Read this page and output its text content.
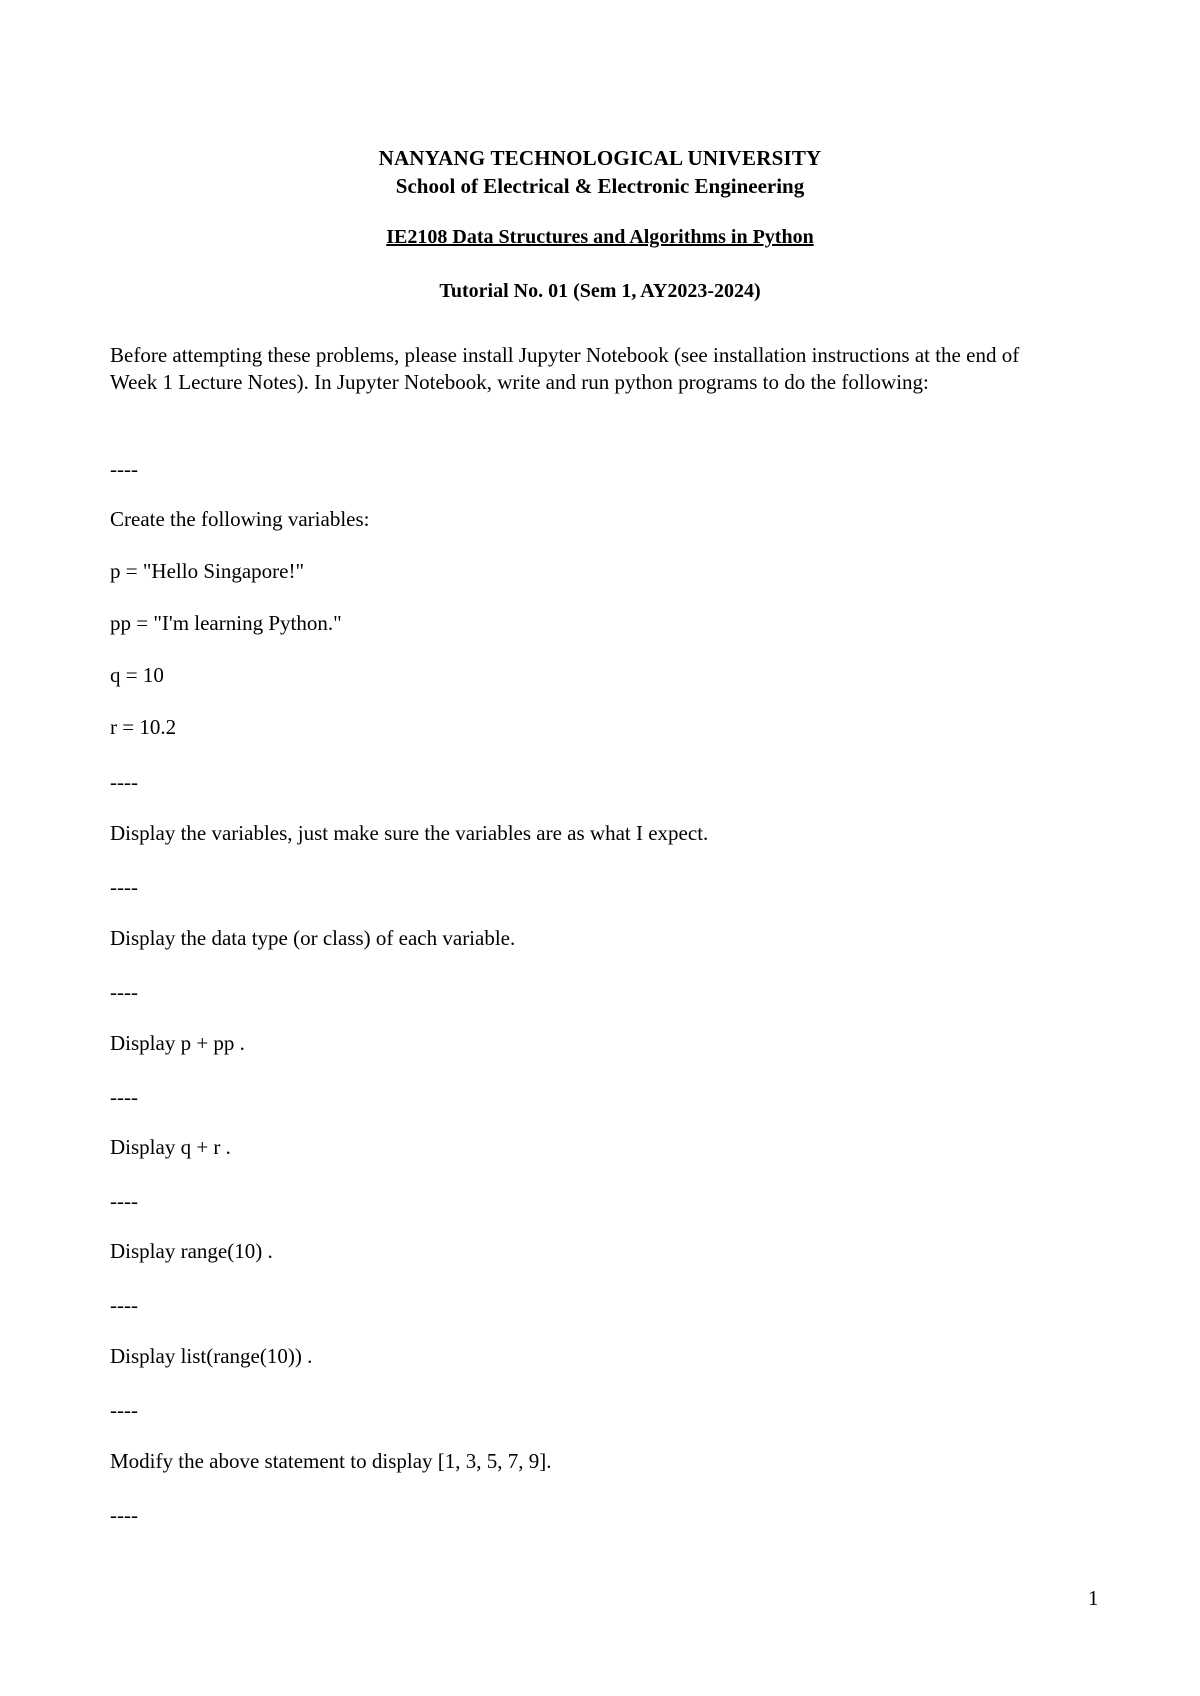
NANYANG TECHNOLOGICAL UNIVERSITY
School of Electrical & Electronic Engineering
IE2108 Data Structures and Algorithms in Python
Tutorial No. 01 (Sem 1, AY2023-2024)
Before attempting these problems, please install Jupyter Notebook (see installation instructions at the end of Week 1 Lecture Notes). In Jupyter Notebook, write and run python programs to do the following:
----
Create the following variables:
p = "Hello Singapore!"
pp = "I'm learning Python."
q = 10
r = 10.2
----
Display the variables, just make sure the variables are as what I expect.
----
Display the data type (or class) of each variable.
----
Display p + pp .
----
Display q + r .
----
Display range(10) .
----
Display list(range(10)) .
----
Modify the above statement to display [1, 3, 5, 7, 9].
----
1
